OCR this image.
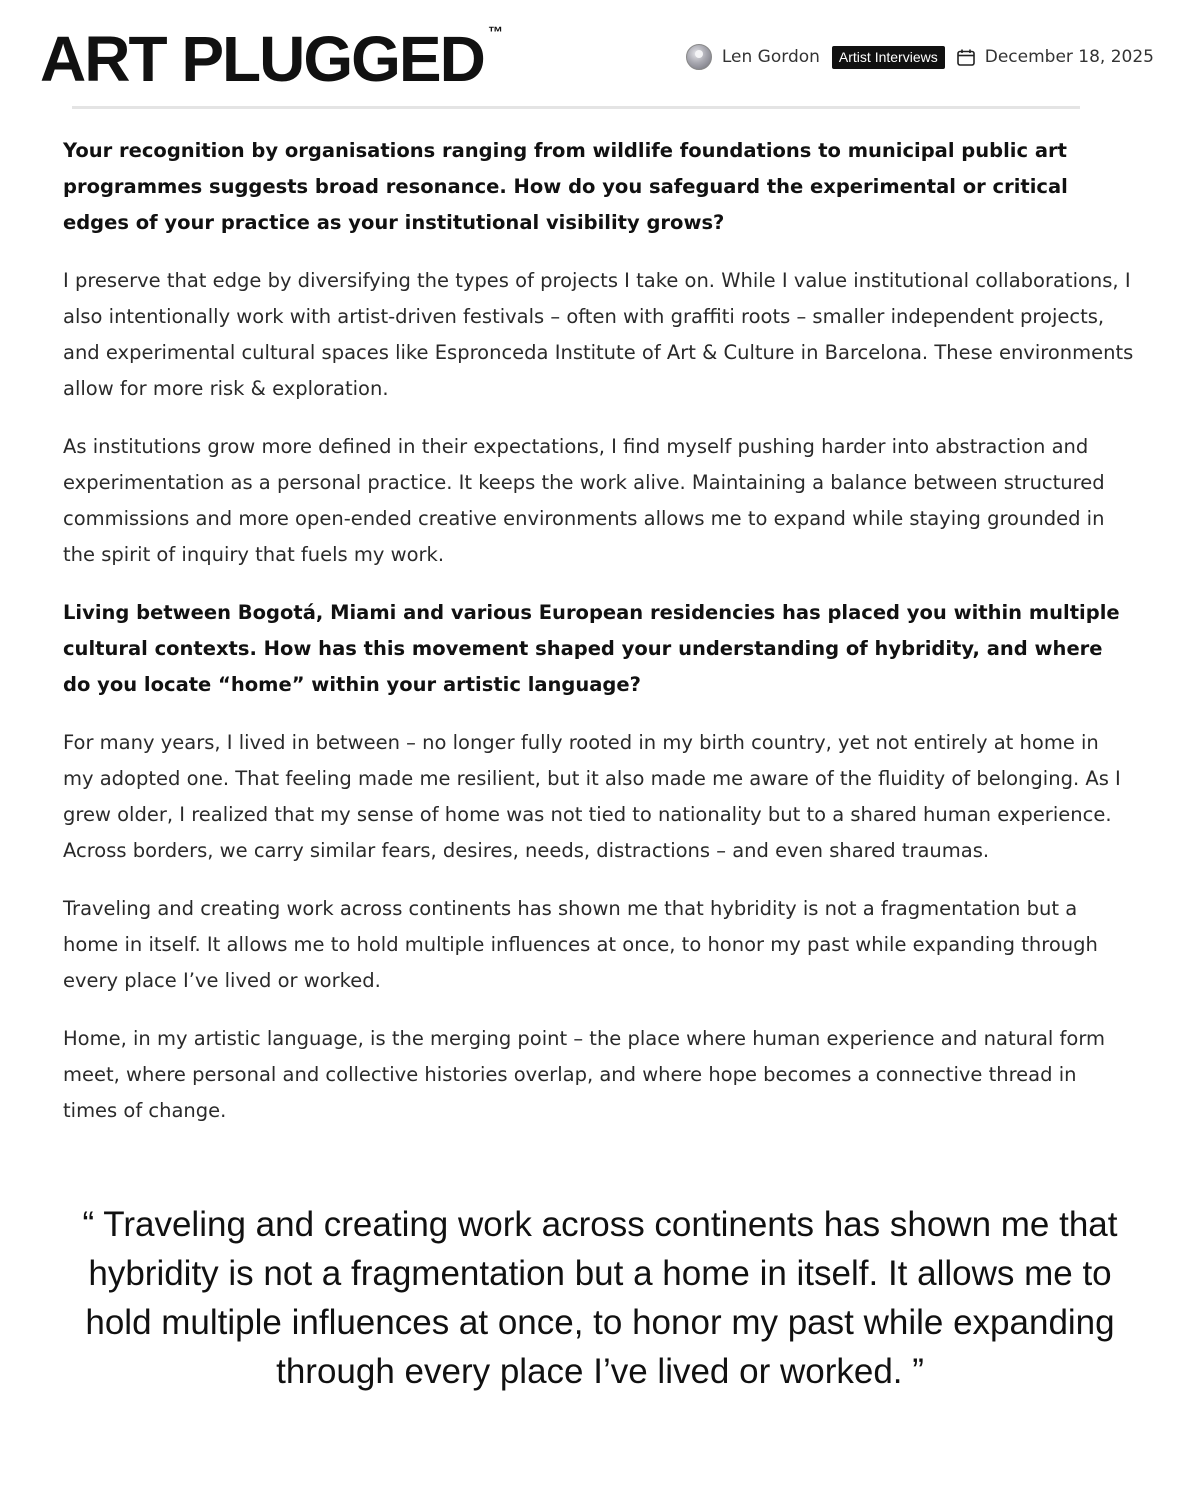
ART PLUGGED ™
Len Gordon	Artist Interviews	December 18, 2025

Your recognition by organisations ranging from wildlife foundations to municipal public art programmes suggests broad resonance. How do you safeguard the experimental or critical edges of your practice as your institutional visibility grows?

I preserve that edge by diversifying the types of projects I take on. While I value institutional collaborations, I also intentionally work with artist-driven festivals – often with graffiti roots – smaller independent projects, and experimental cultural spaces like Espronceda Institute of Art & Culture in Barcelona. These environments allow for more risk & exploration.

As institutions grow more defined in their expectations, I find myself pushing harder into abstraction and experimentation as a personal practice. It keeps the work alive. Maintaining a balance between structured commissions and more open-ended creative environments allows me to expand while staying grounded in the spirit of inquiry that fuels my work.

Living between Bogotá, Miami and various European residencies has placed you within multiple cultural contexts. How has this movement shaped your understanding of hybridity, and where do you locate “home” within your artistic language?

For many years, I lived in between – no longer fully rooted in my birth country, yet not entirely at home in my adopted one. That feeling made me resilient, but it also made me aware of the fluidity of belonging. As I grew older, I realized that my sense of home was not tied to nationality but to a shared human experience. Across borders, we carry similar fears, desires, needs, distractions – and even shared traumas.

Traveling and creating work across continents has shown me that hybridity is not a fragmentation but a home in itself. It allows me to hold multiple influences at once, to honor my past while expanding through every place I’ve lived or worked.

Home, in my artistic language, is the merging point – the place where human experience and natural form meet, where personal and collective histories overlap, and where hope becomes a connective thread in times of change.

“ Traveling and creating work across continents has shown me that hybridity is not a fragmentation but a home in itself. It allows me to hold multiple influences at once, to honor my past while expanding through every place I’ve lived or worked. ”
